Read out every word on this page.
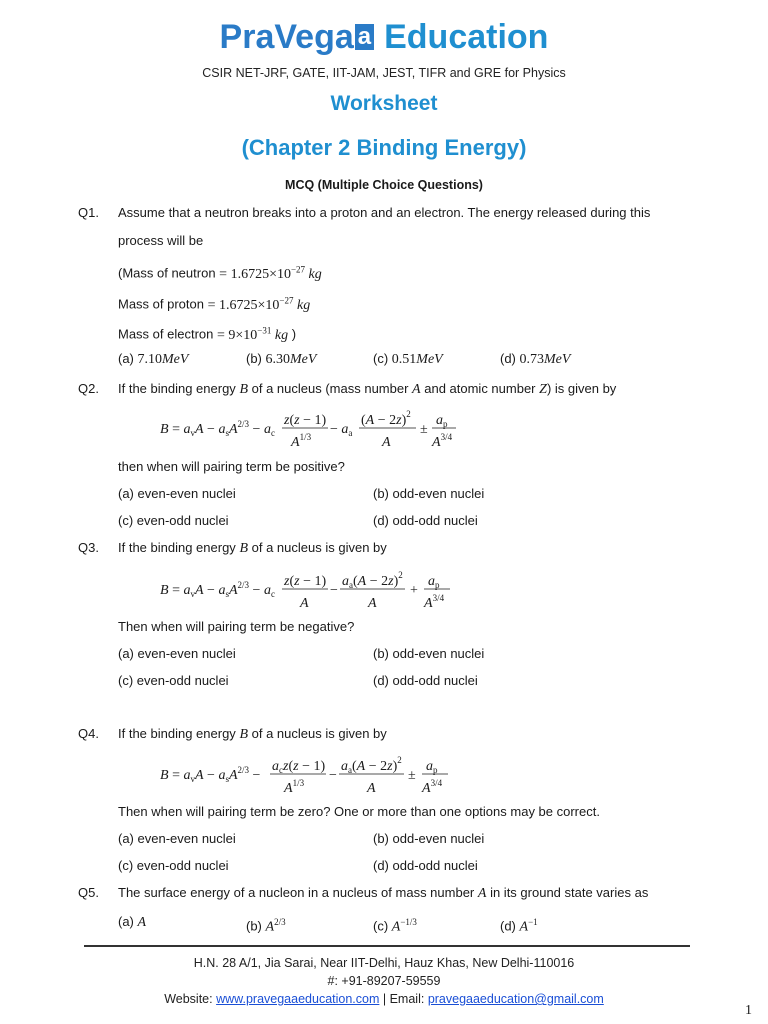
PraVega a Education
CSIR NET-JRF, GATE, IIT-JAM, JEST, TIFR and GRE for Physics
Worksheet
(Chapter 2 Binding Energy)
MCQ (Multiple Choice Questions)
Q1. Assume that a neutron breaks into a proton and an electron. The energy released during this
process will be
(Mass of neutron = $1.6725\times 10^{-27}$ kg
Mass of proton = $1.6725\times 10^{-27}$ kg
Mass of electron = $9\times 10^{-31}$ kg )
(a) 7.10MeV	(b) 6.30MeV	(c) 0.51MeV	(d) 0.73MeV
Q2. If the binding energy B of a nucleus (mass number A and atomic number Z) is given by
$B = a_vA - a_sA^{2/3} - a_c$
z(z − 1)
$A^{1/3} - a_a$
$(A - 2z)^2$
A
±
$a_p$
$A^{3/4}$
then when will pairing term be positive?
(a) even-even nuclei	(b) odd-even nuclei
(c) even-odd nuclei	(d) odd-odd nuclei
Q3. If the binding energy B of a nucleus is given by
$B = a_vA - a_sA^{2/3} - a_c$
z(z − 1)
A
−
$a_a(A - 2z)^2$
A
+
$a_p$
$A^{3/4}$
Then when will pairing term be negative?
(a) even-even nuclei	(b) odd-even nuclei
(c) even-odd nuclei	(d) odd-odd nuclei
Q4. If the binding energy B of a nucleus is given by
$B = a_vA - a_sA^{2/3}$ −
$a_cz(z - 1)$
$A^{1/3}$ −
$a_a(A - 2z)^2$
A
±
$a_p$
$A^{3/4}$
Then when will pairing term be zero? One or more than one options may be correct.
(a) even-even nuclei	(b) odd-even nuclei
(c) even-odd nuclei	(d) odd-odd nuclei
Q5. The surface energy of a nucleon in a nucleus of mass number A in its ground state varies as
(a) A	(b) $A^{2/3}$	(c) $A^{-1/3}$	(d) $A^{-1}$
H.N. 28 A/1, Jia Sarai, Near IIT-Delhi, Hauz Khas, New Delhi-110016
#: +91-89207-59559
Website: www.pravegaaeducation.com | Email: pravegaaeducation@gmail.com
1
